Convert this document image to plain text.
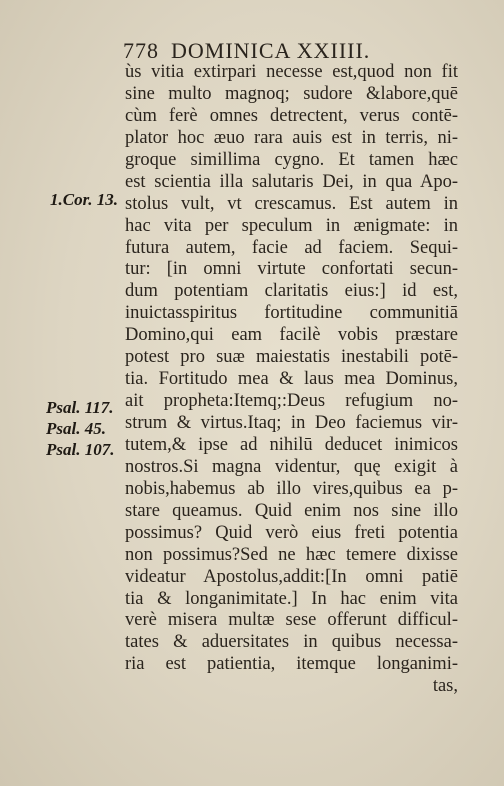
778 DOMINICA XXIIII.
1.Cor. 13.
Psal. 117.
Psal. 45.
Psal. 107.
ùs vitia extirpari necesse est,quod non fit
sine multo magnoq; sudore &labore,quē
cùm ferè omnes detrectent, verus contē-
plator hoc æuo rara auis est in terris, ni-
groque simillima cygno. Et tamen hæc
est scientia illa salutaris Dei, in qua Apo-
stolus vult, vt crescamus. Est autem in
hac vita per speculum in ænigmate: in
futura autem, facie ad faciem. Sequi-
tur: [in omni virtute confortati secun-
dum potentiam claritatis eius:] id est,
inuictasspiritus fortitudine communitiā
Domino,qui eam facilè vobis præstare
potest pro suæ maiestatis inestabili potē-
tia. Fortitudo mea & laus mea Dominus,
ait propheta:Itemq;:Deus refugium no-
strum & virtus.Itaq; in Deo faciemus vir-
tutem,& ipse ad nihilū deducet inimicos
nostros.Si magna videntur, quę exigit à
nobis,habemus ab illo vires,quibus ea p-
stare queamus. Quid enim nos sine illo
possimus? Quid verò eius freti potentia
non possimus?Sed ne hæc temere dixisse
videatur Apostolus,addit:[In omni patiē
tia & longanimitate.] In hac enim vita
verè misera multæ sese offerunt difficul-
tates & aduersitates in quibus necessa-
ria est patientia, itemque longanimi-
tas,
